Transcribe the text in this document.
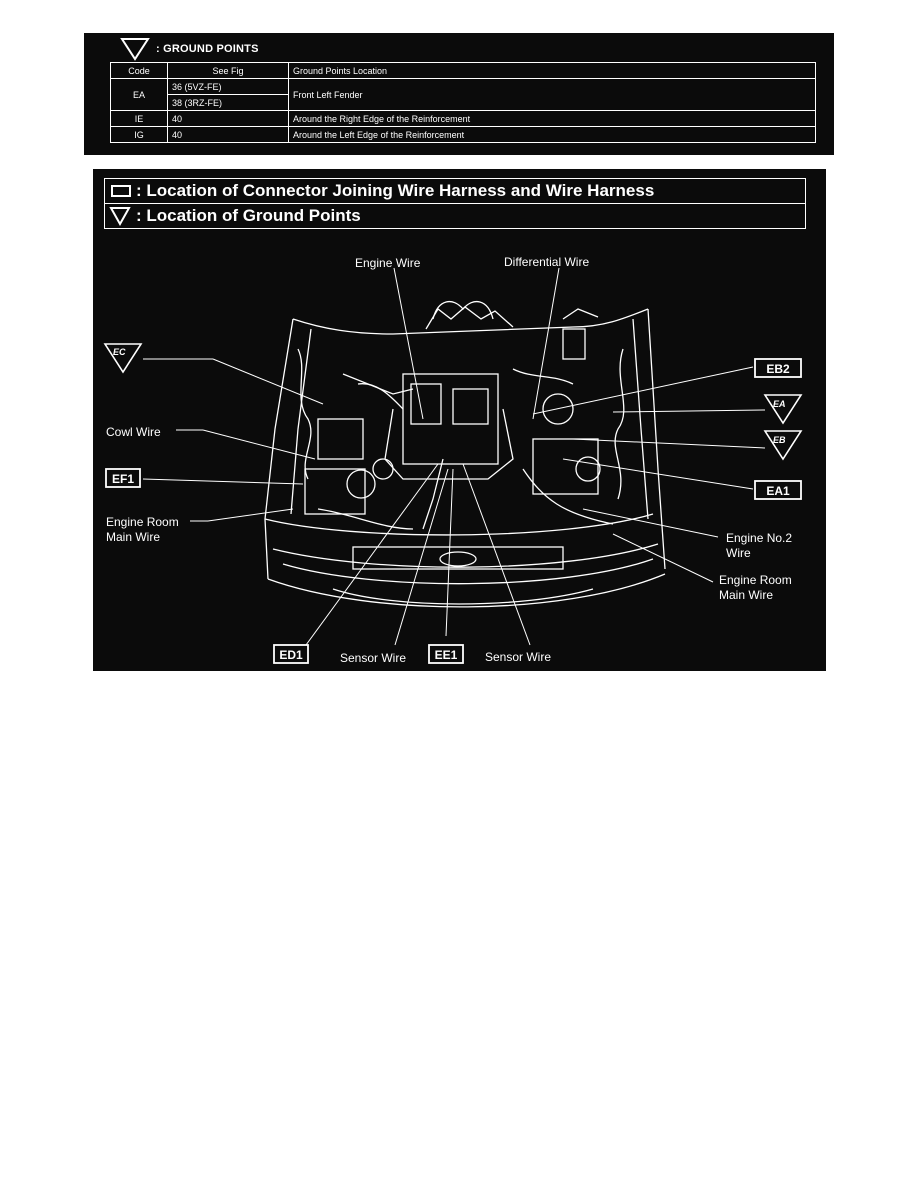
: GROUND POINTS
Code	See Fig	Ground Points Location
EA	36 (5VZ-FE)	Front Left Fender
	38 (3RZ-FE)	
IE	40	Around the Right Edge of the Reinforcement
IG	40	Around the Left Edge of the Reinforcement
EC
EA
EB
EF1
EB2
EA1
ED1	EE1
Engine Wire	Differential Wire
Cowl Wire
Engine Room
Main Wire	Engine No.2
Wire
Engine Room
Main Wire
Sensor Wire	Sensor Wire
: Location of Connector Joining Wire Harness and Wire Harness
: Location of Ground Points
